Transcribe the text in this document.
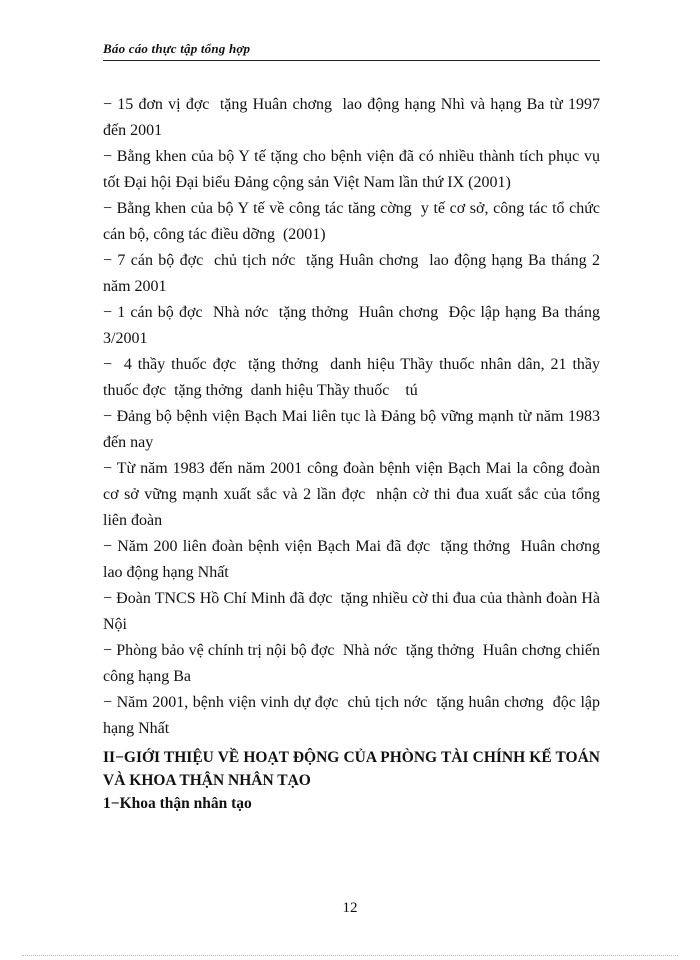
Báo cáo thực tập tổng hợp

− 15 đơn vị đợc  tặng Huân chơng  lao động hạng Nhì và hạng Ba từ 1997 đến 2001

− Bằng khen của bộ Y tế tặng cho bệnh viện đã có nhiều thành tích phục vụ tốt Đại hội Đại biểu Đảng cộng sản Việt Nam lần thứ IX (2001)

− Bằng khen của bộ Y tế về công tác tăng cờng  y tế cơ sở, công tác tổ chức cán bộ, công tác điều dỡng  (2001)

− 7 cán bộ đợc  chủ tịch nớc  tặng Huân chơng  lao động hạng Ba tháng 2 năm 2001

− 1 cán bộ đợc  Nhà nớc  tặng thởng  Huân chơng  Độc lập hạng Ba tháng 3/2001

−  4 thầy thuốc đợc  tặng thởng  danh hiệu Thầy thuốc nhân dân, 21 thầy thuốc đợc  tặng thởng  danh hiệu Thầy thuốc    tú

− Đảng bộ bệnh viện Bạch Mai liên tục là Đảng bộ vững mạnh từ năm 1983 đến nay

− Từ năm 1983 đến năm 2001 công đoàn bệnh viện Bạch Mai la công đoàn cơ sở vững mạnh xuất sắc và 2 lần đợc  nhận cờ thi đua xuất sắc của tổng liên đoàn

− Năm 200 liên đoàn bệnh viện Bạch Mai đã đợc  tặng thởng  Huân chơng lao động hạng Nhất

− Đoàn TNCS Hồ Chí Minh đã đợc  tặng nhiều cờ thi đua của thành đoàn Hà Nội

− Phòng bảo vệ chính trị nội bộ đợc  Nhà nớc  tặng thởng  Huân chơng chiến công hạng Ba

− Năm 2001, bệnh viện vinh dự đợc  chủ tịch nớc  tặng huân chơng  độc lập hạng Nhất

II−GIỚI THIỆU VỀ HOẠT ĐỘNG CỦA PHÒNG TÀI CHÍNH KẾ TOÁN VÀ KHOA THẬN NHÂN TẠO
1−Khoa thận nhân tạo
12
